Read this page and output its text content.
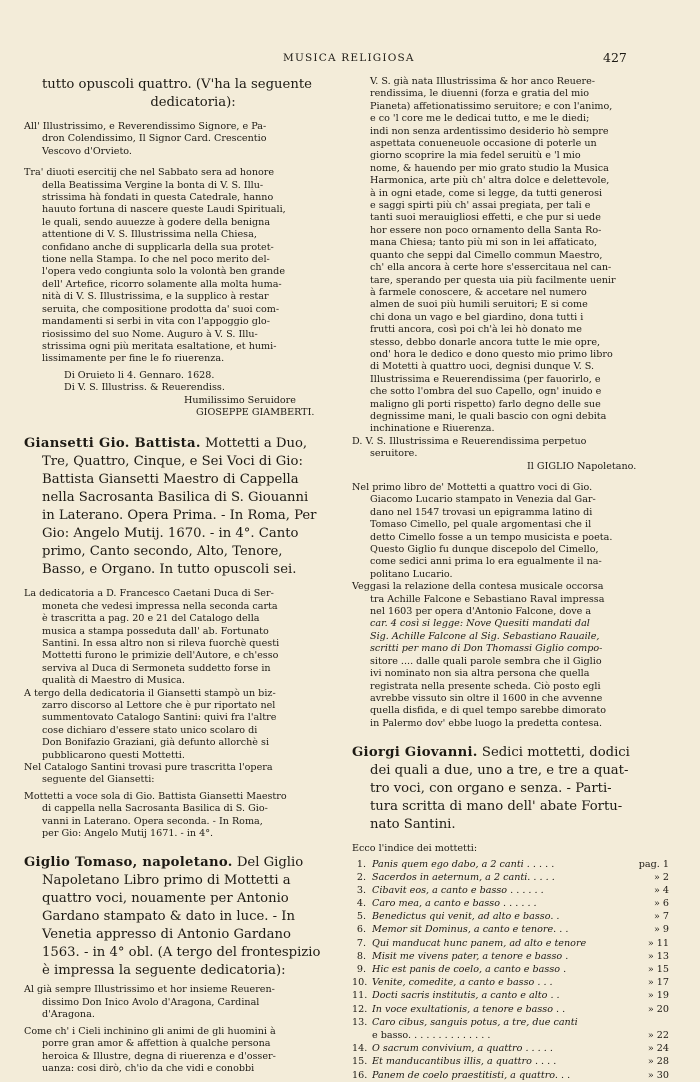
MUSICA RELIGIOSA	427

tutto opuscoli quattro. (V'ha la seguente

dedicatoria):

All' Illustrissimo, e Reverendissimo Signore, e Pa-

dron Colendissimo, Il Signor Card. Crescentio

Vescovo d'Orvieto.

Tra' diuoti esercitij che nel Sabbato sera ad honore

della Beatissima Vergine la bonta di V. S. Illu-

strissima hà fondati in questa Catedrale, hanno

hauuto fortuna di nascere queste Laudi Spirituali,

le quali, sendo auuezze à godere della benigna

attentione di V. S. Illustrissima nella Chiesa,

confidano anche di supplicarla della sua protet-

tione nella Stampa. Io che nel poco merito del-

l'opera vedo congiunta solo la volontà ben grande

dell' Artefice, ricorro solamente alla molta huma-

nità di V. S. Illustrissima, e la supplico à restar

seruita, che compositione prodotta da' suoi com-

mandamenti si serbi in vita con l'appoggio glo-

riosissimo del suo Nome. Auguro à V. S. Illu-

strissima ogni più meritata esaltatione, et humi-

lissimamente per fine le fo riuerenza.

Di Oruieto li 4. Gennaro. 1628.

Di V. S. Illustriss. & Reuerendiss.

Humilissimo Seruidore

GIOSEPPE GIAMBERTI.

Giansetti Gio. Battista. Mottetti a Duo,

Tre, Quattro, Cinque, e Sei Voci di Gio:

Battista Giansetti Maestro di Cappella

nella Sacrosanta Basilica di S. Giouanni

in Laterano. Opera Prima. - In Roma, Per

Gio: Angelo Mutij. 1670. - in 4°. Canto

primo, Canto secondo, Alto, Tenore,

Basso, e Organo. In tutto opuscoli sei.

La dedicatoria a D. Francesco Caetani Duca di Ser-

moneta che vedesi impressa nella seconda carta

è trascritta a pag. 20 e 21 del Catalogo della

musica a stampa posseduta dall' ab. Fortunato

Santini. In essa altro non si rileva fuorchè questi

Mottetti furono le primizie dell'Autore, e ch'esso

serviva al Duca di Sermoneta suddetto forse in

qualità di Maestro di Musica.

A tergo della dedicatoria il Giansetti stampò un biz-

zarro discorso al Lettore che è pur riportato nel

summentovato Catalogo Santini: quivi fra l'altre

cose dichiaro d'essere stato unico scolaro di

Don Bonifazio Graziani, già defunto allorchè si

pubblicarono questi Mottetti.

Nel Catalogo Santini trovasi pure trascritta l'opera

seguente del Giansetti:

Mottetti a voce sola di Gio. Battista Giansetti Maestro

di cappella nella Sacrosanta Basilica di S. Gio-

vanni in Laterano. Opera seconda. - In Roma,

per Gio: Angelo Mutij 1671. - in 4°.

Giglio Tomaso, napoletano. Del Giglio

Napoletano Libro primo di Mottetti a

quattro voci, nouamente per Antonio

Gardano stampato & dato in luce. - In

Venetia appresso di Antonio Gardano

1563. - in 4° obl. (A tergo del frontespizio

è impressa la seguente dedicatoria):

Al già sempre Illustrissimo et hor insieme Reueren-

dissimo Don Inico Avolo d'Aragona, Cardinal

d'Aragona.

Come ch' i Cieli inchinino gli animi de gli huomini à

porre gran amor & affettion à qualche persona

heroica & Illustre, degna di riuerenza e d'osser-

uanza: cosi dirò, ch'io da che vidi e conobbi

V. S. già nata Illustrissima & hor anco Reuere-

rendissima, le diuenni (forza e gratia del mio

Pianeta) affetionatissimo seruitore; e con l'animo,

e co 'l core me le dedicai tutto, e me le diedi;

indi non senza ardentissimo desiderio hò sempre

aspettata conueneuole occasione di poterle un

giorno scoprire la mia fedel seruitù e 'l mio

nome, & hauendo per mio grato studio la Musica

Harmonica, arte più ch' altra dolce e delettevole,

à in ogni etade, come si legge, da tutti generosi

e saggi spirti più ch' assai pregiata, per tali e

tanti suoi merauigliosi effetti, e che pur si uede

hor essere non poco ornamento della Santa Ro-

mana Chiesa; tanto più mi son in lei affaticato,

quanto che seppi dal Cimello commun Maestro,

ch' ella ancora à certe hore s'essercitaua nel can-

tare, sperando per questa uia più facilmente uenir

à farmele conoscere, & accetare nel numero

almen de suoi più humili seruitori; E si come

chi dona un vago e bel giardino, dona tutti i

frutti ancora, così poi ch'à lei hò donato me

stesso, debbo donarle ancora tutte le mie opre,

ond' hora le dedico e dono questo mio primo libro

di Motetti à quattro uoci, degnisi dunque V. S.

Illustrissima e Reuerendissima (per fauorirlo, e

che sotto l'ombra del suo Capello, ogn' inuido e

maligno gli porti rispetto) farlo degno delle sue

degnissime mani, le quali bascio con ogni debita

inchinatione e Riuerenza.

D. V. S. Illustrissima e Reuerendissima perpetuo

seruitore.

Il GIGLIO Napoletano.

Nel primo libro de' Mottetti a quattro voci di Gio.

Giacomo Lucario stampato in Venezia dal Gar-

dano nel 1547 trovasi un epigramma latino di

Tomaso Cimello, pel quale argomentasi che il

detto Cimello fosse a un tempo musicista e poeta.

Questo Giglio fu dunque discepolo del Cimello,

come sedici anni prima lo era egualmente il na-

politano Lucario.

Veggasi la relazione della contesa musicale occorsa

tra Achille Falcone e Sebastiano Raval impressa

nel 1603 per opera d'Antonio Falcone, dove a

car. 4 così si legge: Nove Quesiti mandati dal

Sig. Achille Falcone al Sig. Sebastiano Rauaile,

scritti per mano di Don Thomassi Giglio compo-

sitore .... dalle quali parole sembra che il Giglio

ivi nominato non sia altra persona che quella

registrata nella presente scheda. Ciò posto egli

avrebbe vissuto sin oltre il 1600 in che avvenne

quella disfida, e di quel tempo sarebbe dimorato

in Palermo dov' ebbe luogo la predetta contesa.

Giorgi Giovanni. Sedici mottetti, dodici

dei quali a due, uno a tre, e tre a quat-

tro voci, con organo e senza. - Parti-

tura scritta di mano dell' abate Fortu-

nato Santini.

Ecco l'indice dei mottetti:

1. Panis quem ego dabo, a 2 canti . . . . .	pag. 1
2. Sacerdos in aeternum, a 2 canti. . . . .	» 2
3. Cibavit eos, a canto e basso . . . . . .	» 4
4. Caro mea, a canto e basso . . . . . .	» 6
5. Benedictus qui venit, ad alto e basso. .	» 7
6. Memor sit Dominus, a canto e tenore. . .	» 9
7. Qui manducat hunc panem, ad alto e tenore	» 11
8. Misit me vivens pater, a tenore e basso .	» 13
9. Hic est panis de coelo, a canto e basso .	» 15
10. Venite, comedite, a canto e basso . . .	» 17
11. Docti sacris institutis, a canto e alto . .	» 19
12. In voce exultationis, a tenore e basso . .	» 20
13. Caro cibus, sanguis potus, a tre, due canti
e basso. . . . . . . . . . . . . .	» 22
14. O sacrum convivium, a quattro . . . . .	» 24
15. Et manducantibus illis, a quattro . . . .	» 28
16. Panem de coelo praestitisti, a quattro. . .	» 30
